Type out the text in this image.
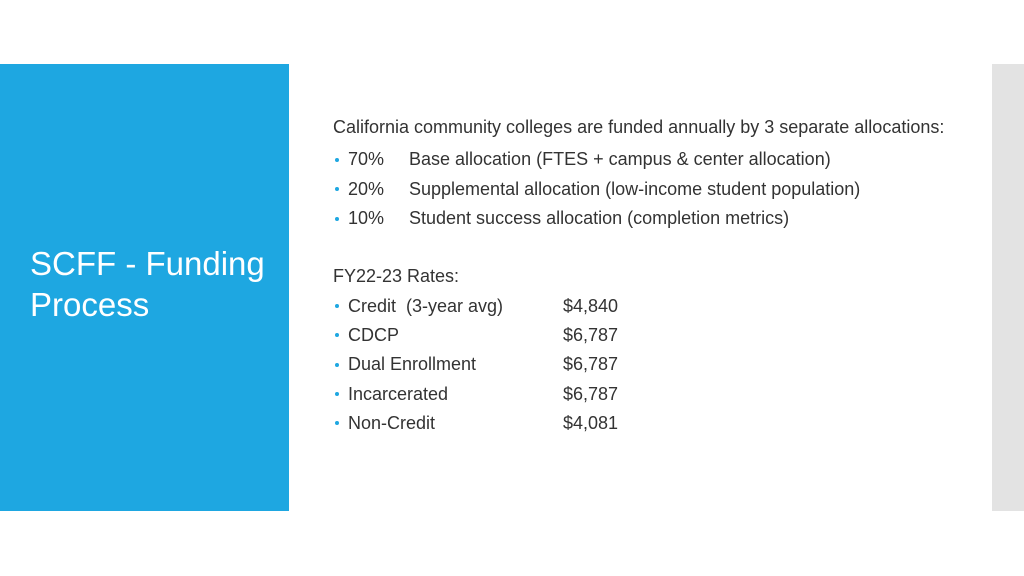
SCFF - Funding
Process

California community colleges are funded annually by 3 separate allocations:

70%	Base allocation (FTES + campus & center allocation)
20%	Supplemental allocation (low-income student population)
10%	Student success allocation (completion metrics)

FY22-23 Rates:

Credit  (3-year avg)	$4,840
CDCP	$6,787
Dual Enrollment	$6,787
Incarcerated	$6,787
Non-Credit	$4,081
